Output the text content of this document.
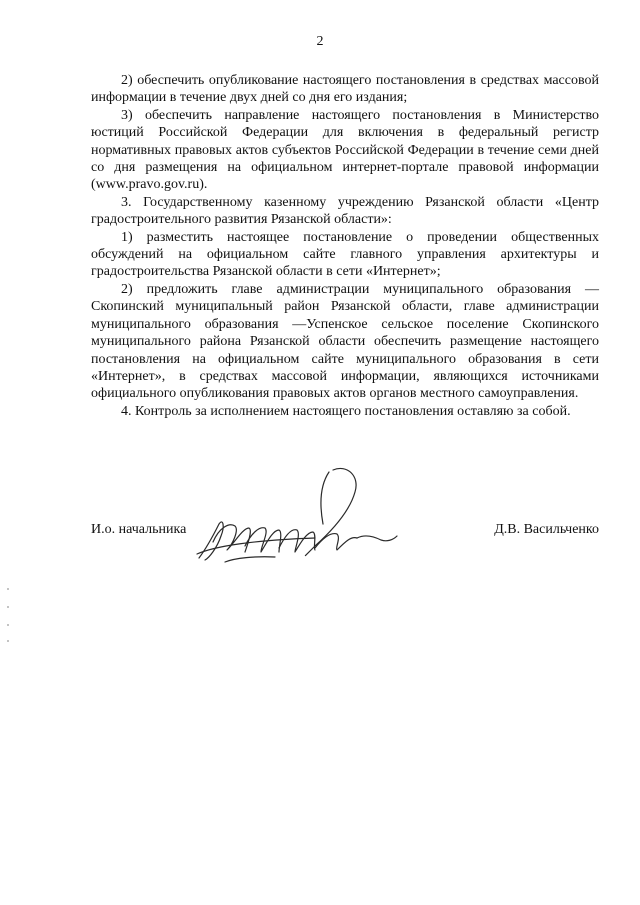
2

2) обеспечить опубликование настоящего постановления в средствах массовой информации в течение двух дней со дня его издания;

3) обеспечить направление настоящего постановления в Министерство юстиций Российской Федерации для включения в федеральный регистр нормативных правовых актов субъектов Российской Федерации в течение семи дней со дня размещения на официальном интернет-портале правовой информации (www.pravo.gov.ru).

3. Государственному казенному учреждению Рязанской области «Центр градостроительного развития Рязанской области»:

1) разместить настоящее постановление о проведении общественных обсуждений на официальном сайте главного управления архитектуры и градостроительства Рязанской области в сети «Интернет»;

2) предложить главе администрации муниципального образования — Скопинский муниципальный район Рязанской области, главе администрации муниципального образования —Успенское сельское поселение Скопинского муниципального района Рязанской области обеспечить размещение настоящего постановления на официальном сайте муниципального образования в сети «Интернет», в средствах массовой информации, являющихся источниками официального опубликования правовых актов органов местного самоуправления.

4. Контроль за исполнением настоящего постановления оставляю за собой.

И.о. начальника	Д.В. Васильченко
